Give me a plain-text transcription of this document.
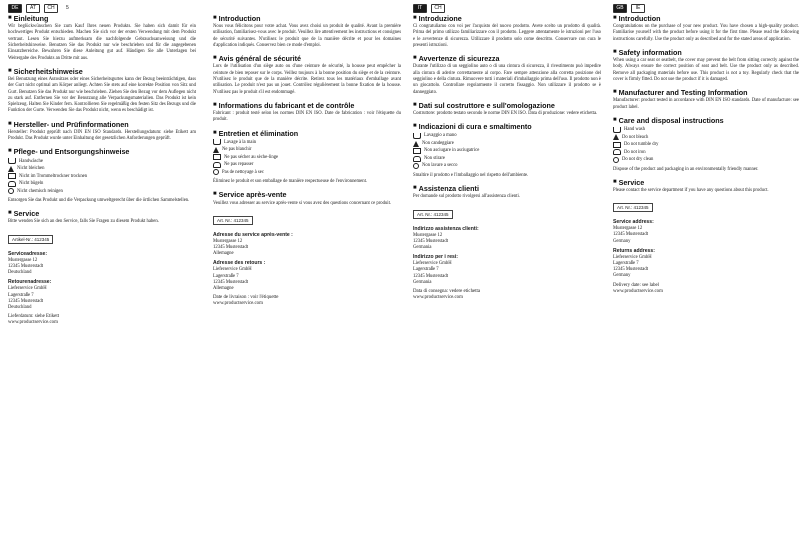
DE	AT	CH	5
■ Einleitung

Wir beglückwünschen Sie zum Kauf Ihres neuen Produkts. Sie haben sich damit für ein hochwertiges Produkt entschieden. Machen Sie sich vor der ersten Verwendung mit dem Produkt vertraut. Lesen Sie hierzu aufmerksam die nachfolgende Gebrauchsanweisung und die Sicherheitshinweise. Benutzen Sie das Produkt nur wie beschrieben und für die angegebenen Einsatzbereiche. Bewahren Sie diese Anleitung gut auf. Händigen Sie alle Unterlagen bei Weitergabe des Produkts an Dritte mit aus.

■ Sicherheitshinweise

Bei Benutzung eines Autositzes oder eines Sicherheitsgurtes kann der Bezug beeinträchtigen, dass der Gurt nicht optimal am Körper anliegt. Achten Sie stets auf eine korrekte Position von Sitz und Gurt. Benutzen Sie das Produkt nur wie beschrieben. Ziehen Sie den Bezug vor dem Auflegen nicht zu stark auf. Entfernen Sie vor der Benutzung alle Verpackungsmaterialien. Das Produkt ist kein Spielzeug. Halten Sie Kinder fern. Kontrollieren Sie regelmäßig den festen Sitz des Bezugs und die Funktion der Gurte. Verwenden Sie das Produkt nicht, wenn es beschädigt ist.

■ Hersteller- und Prüfinformationen

Hersteller: Produkt geprüft nach DIN EN ISO Standards. Herstellungsdatum: siehe Etikett am Produkt. Das Produkt wurde unter Einhaltung der gesetzlichen Anforderungen geprüft.

■ Pflege- und Entsorgungshinweise
Handwäsche
Nicht bleichen
Nicht im Trommeltrockner trocknen
Nicht bügeln
Nicht chemisch reinigen

Entsorgen Sie das Produkt und die Verpackung umweltgerecht über die örtlichen Sammelstellen.

■ Service

Bitte wenden Sie sich an den Service, falls Sie Fragen zu diesem Produkt haben.

Artikel-Nr.: 412345
Serviceadresse:
Mustergasse 12
12345 Musterstadt
Deutschland
Retourenadresse:
Lieferservice GmbH
Lagerstraße 7
12345 Musterstadt
Deutschland
Lieferdatum: siehe Etikett
www.productservice.com
■ Introduction

Nous vous félicitons pour votre achat. Vous avez choisi un produit de qualité. Avant la première utilisation, familiarisez-vous avec le produit. Veuillez lire attentivement les instructions et consignes de sécurité suivantes. N'utilisez le produit que de la manière décrite et pour les domaines d'application indiqués. Conservez bien ce mode d'emploi.

■ Avis général de sécurité

Lors de l'utilisation d'un siège auto ou d'une ceinture de sécurité, la housse peut empêcher la ceinture de bien reposer sur le corps. Veillez toujours à la bonne position du siège et de la ceinture. N'utilisez le produit que de la manière décrite. Retirez tous les matériaux d'emballage avant utilisation. Le produit n'est pas un jouet. Contrôlez régulièrement la bonne fixation de la housse. N'utilisez pas le produit s'il est endommagé.

■ Informations du fabricant et de contrôle

Fabricant : produit testé selon les normes DIN EN ISO. Date de fabrication : voir l'étiquette du produit.

■ Entretien et élimination
Lavage à la main
Ne pas blanchir
Ne pas sécher au sèche-linge
Ne pas repasser
Pas de nettoyage à sec

Éliminez le produit et son emballage de manière respectueuse de l'environnement.

■ Service après-vente

Veuillez vous adresser au service après-vente si vous avez des questions concernant ce produit.

Art. Nr.: 412345
Adresse du service après-vente :
Mustergasse 12
12345 Musterstadt
Allemagne
Adresse des retours :
Lieferservice GmbH
Lagerstraße 7
12345 Musterstadt
Allemagne
Date de livraison : voir l'étiquette
www.productservice.com
IT	CH
■ Introduzione

Ci congratuliamo con voi per l'acquisto del nuovo prodotto. Avete scelto un prodotto di qualità. Prima del primo utilizzo familiarizzare con il prodotto. Leggere attentamente le istruzioni per l'uso e le avvertenze di sicurezza. Utilizzare il prodotto solo come descritto. Conservare con cura le presenti istruzioni.

■ Avvertenze di sicurezza

Durante l'utilizzo di un seggiolino auto o di una cintura di sicurezza, il rivestimento può impedire alla cintura di aderire correttamente al corpo. Fare sempre attenzione alla corretta posizione del seggiolino e della cintura. Rimuovere tutti i materiali d'imballaggio prima dell'uso. Il prodotto non è un giocattolo. Controllare regolarmente il corretto fissaggio. Non utilizzare il prodotto se è danneggiato.

■ Dati sul costruttore e sull'omologazione

Costruttore: prodotto testato secondo le norme DIN EN ISO. Data di produzione: vedere etichetta.

■ Indicazioni di cura e smaltimento
Lavaggio a mano
Non candeggiare
Non asciugare in asciugatrice
Non stirare
Non lavare a secco

Smaltire il prodotto e l'imballaggio nel rispetto dell'ambiente.

■ Assistenza clienti

Per domande sul prodotto rivolgersi all'assistenza clienti.

Art. Nr.: 412345
Indirizzo assistenza clienti:
Mustergasse 12
12345 Musterstadt
Germania
Indirizzo per i resi:
Lieferservice GmbH
Lagerstraße 7
12345 Musterstadt
Germania
Data di consegna: vedere etichetta
www.productservice.com
GB	IE
■ Introduction

Congratulations on the purchase of your new product. You have chosen a high-quality product. Familiarise yourself with the product before using it for the first time. Please read the following instructions carefully. Use the product only as described and for the stated areas of application.

■ Safety information

When using a car seat or seatbelt, the cover may prevent the belt from sitting correctly against the body. Always ensure the correct position of seat and belt. Use the product only as described. Remove all packaging materials before use. This product is not a toy. Regularly check that the cover is firmly fitted. Do not use the product if it is damaged.

■ Manufacturer and Testing Information

Manufacturer: product tested in accordance with DIN EN ISO standards. Date of manufacture: see product label.

■ Care and disposal instructions
Hand wash
Do not bleach
Do not tumble dry
Do not iron
Do not dry clean

Dispose of the product and packaging in an environmentally friendly manner.

■ Service

Please contact the service department if you have any questions about this product.

Art. Nr.: 412345
Service address:
Mustergasse 12
12345 Musterstadt
Germany
Returns address:
Lieferservice GmbH
Lagerstraße 7
12345 Musterstadt
Germany
Delivery date: see label
www.productservice.com
